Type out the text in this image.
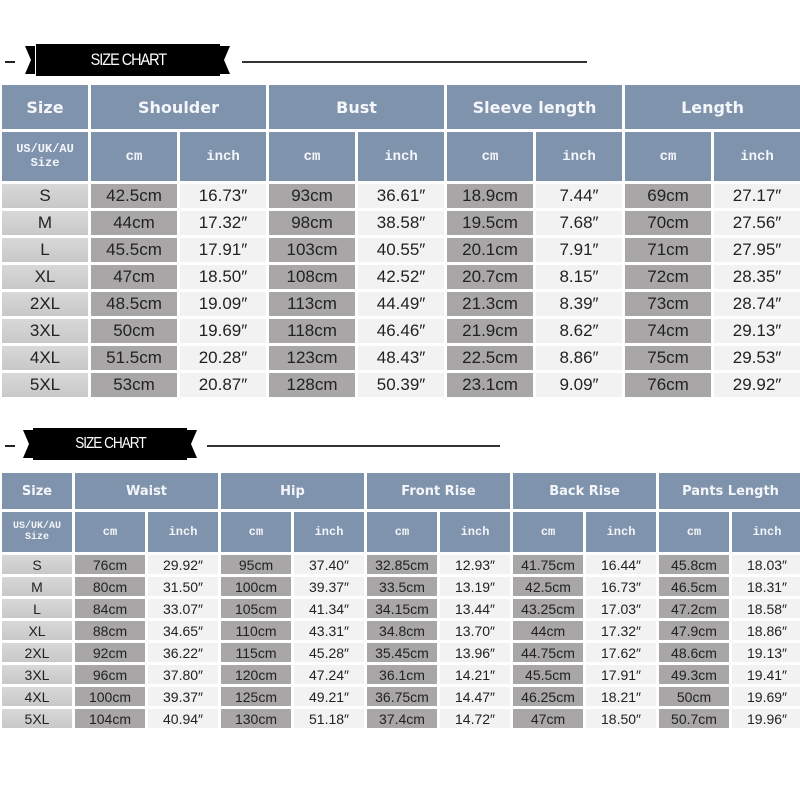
SIZE CHART
Size	Shoulder		Bust		Sleeve length		Length	

US/UK/AU
Size	cm	inch	cm	inch	cm	inch	cm	inch
S	42.5cm	16.73″	93cm	36.61″	18.9cm	7.44″	69cm	27.17″
M	44cm	17.32″	98cm	38.58″	19.5cm	7.68″	70cm	27.56″
L	45.5cm	17.91″	103cm	40.55″	20.1cm	7.91″	71cm	27.95″
XL	47cm	18.50″	108cm	42.52″	20.7cm	8.15″	72cm	28.35″
2XL	48.5cm	19.09″	113cm	44.49″	21.3cm	8.39″	73cm	28.74″
3XL	50cm	19.69″	118cm	46.46″	21.9cm	8.62″	74cm	29.13″
4XL	51.5cm	20.28″	123cm	48.43″	22.5cm	8.86″	75cm	29.53″
5XL	53cm	20.87″	128cm	50.39″	23.1cm	9.09″	76cm	29.92″
SIZE CHART
Size	Waist		Hip		Front Rise		Back Rise		Pants Length	

US/UK/AU
Size	cm	inch	cm	inch	cm	inch	cm	inch	cm	inch
S	76cm	29.92″	95cm	37.40″	32.85cm	12.93″	41.75cm	16.44″	45.8cm	18.03″
M	80cm	31.50″	100cm	39.37″	33.5cm	13.19″	42.5cm	16.73″	46.5cm	18.31″
L	84cm	33.07″	105cm	41.34″	34.15cm	13.44″	43.25cm	17.03″	47.2cm	18.58″
XL	88cm	34.65″	110cm	43.31″	34.8cm	13.70″	44cm	17.32″	47.9cm	18.86″
2XL	92cm	36.22″	115cm	45.28″	35.45cm	13.96″	44.75cm	17.62″	48.6cm	19.13″
3XL	96cm	37.80″	120cm	47.24″	36.1cm	14.21″	45.5cm	17.91″	49.3cm	19.41″
4XL	100cm	39.37″	125cm	49.21″	36.75cm	14.47″	46.25cm	18.21″	50cm	19.69″
5XL	104cm	40.94″	130cm	51.18″	37.4cm	14.72″	47cm	18.50″	50.7cm	19.96″
